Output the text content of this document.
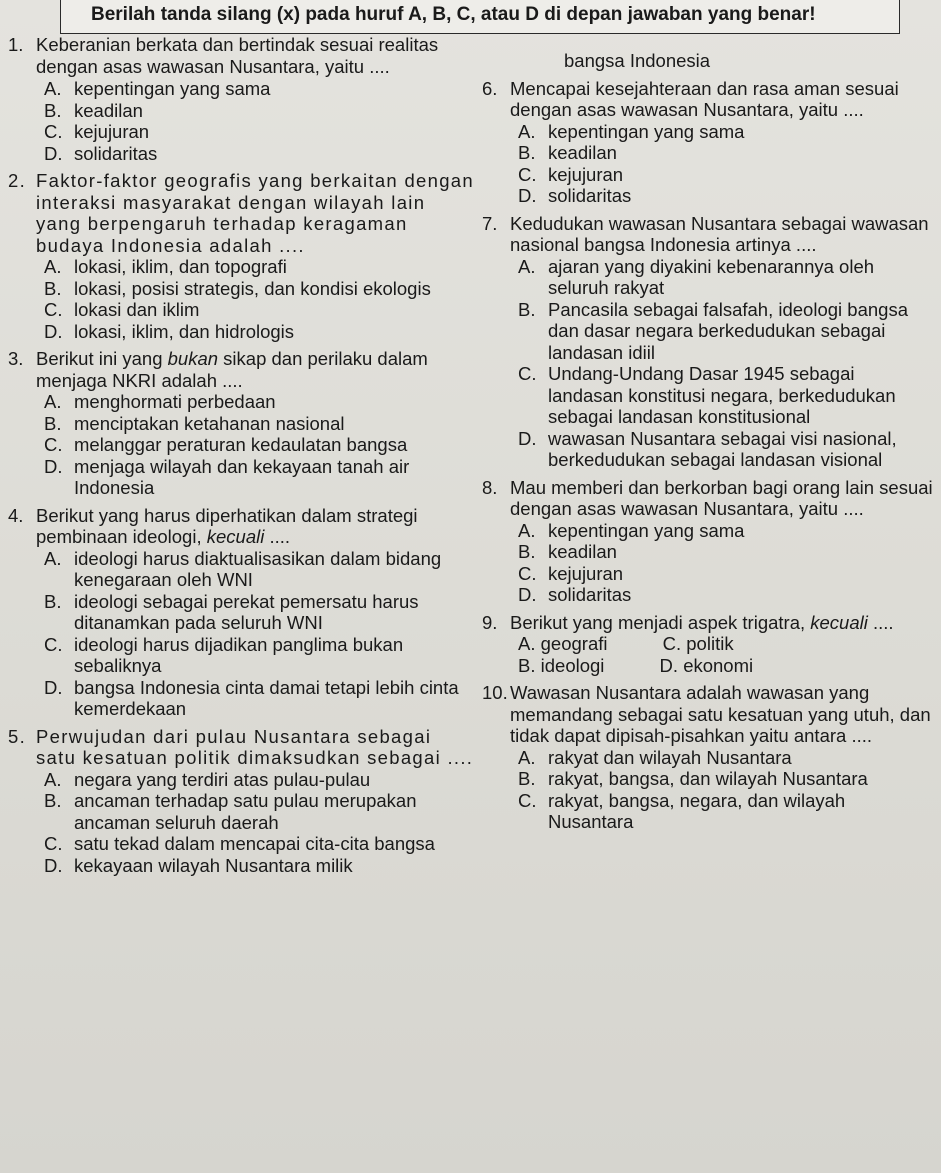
Berilah tanda silang (x) pada huruf A, B, C, atau D di depan jawaban yang benar!
1. Keberanian berkata dan bertindak sesuai realitas dengan asas wawasan Nusantara, yaitu ....
A. kepentingan yang sama
B. keadilan
C. kejujuran
D. solidaritas
2. Faktor-faktor geografis yang berkaitan dengan interaksi masyarakat dengan wilayah lain yang berpengaruh terhadap keragaman budaya Indonesia adalah ....
A. lokasi, iklim, dan topografi
B. lokasi, posisi strategis, dan kondisi ekologis
C. lokasi dan iklim
D. lokasi, iklim, dan hidrologis
3. Berikut ini yang bukan sikap dan perilaku dalam menjaga NKRI adalah ....
A. menghormati perbedaan
B. menciptakan ketahanan nasional
C. melanggar peraturan kedaulatan bangsa
D. menjaga wilayah dan kekayaan tanah air Indonesia
4. Berikut yang harus diperhatikan dalam strategi pembinaan ideologi, kecuali ....
A. ideologi harus diaktualisasikan dalam bidang kenegaraan oleh WNI
B. ideologi sebagai perekat pemersatu harus ditanamkan pada seluruh WNI
C. ideologi harus dijadikan panglima bukan sebaliknya
D. bangsa Indonesia cinta damai tetapi lebih cinta kemerdekaan
5. Perwujudan dari pulau Nusantara sebagai satu kesatuan politik dimaksudkan sebagai ....
A. negara yang terdiri atas pulau-pulau
B. ancaman terhadap satu pulau merupakan ancaman seluruh daerah
C. satu tekad dalam mencapai cita-cita bangsa
D. kekayaan wilayah Nusantara milik
bangsa Indonesia
6. Mencapai kesejahteraan dan rasa aman sesuai dengan asas wawasan Nusantara, yaitu ....
A. kepentingan yang sama
B. keadilan
C. kejujuran
D. solidaritas
7. Kedudukan wawasan Nusantara sebagai wawasan nasional bangsa Indonesia artinya ....
A. ajaran yang diyakini kebenarannya oleh seluruh rakyat
B. Pancasila sebagai falsafah, ideologi bangsa dan dasar negara berkedudukan sebagai landasan idiil
C. Undang-Undang Dasar 1945 sebagai landasan konstitusi negara, berkedudukan sebagai landasan konstitusional
D. wawasan Nusantara sebagai visi nasional, berkedudukan sebagai landasan visional
8. Mau memberi dan berkorban bagi orang lain sesuai dengan asas wawasan Nusantara, yaitu ....
A. kepentingan yang sama
B. keadilan
C. kejujuran
D. solidaritas
9. Berikut yang menjadi aspek trigatra, kecuali ....
A. geografi	C. politik
B. ideologi	D. ekonomi
10. Wawasan Nusantara adalah wawasan yang memandang sebagai satu kesatuan yang utuh, dan tidak dapat dipisah-pisahkan yaitu antara ....
A. rakyat dan wilayah Nusantara
B. rakyat, bangsa, dan wilayah Nusantara
C. rakyat, bangsa, negara, dan wilayah Nusantara
